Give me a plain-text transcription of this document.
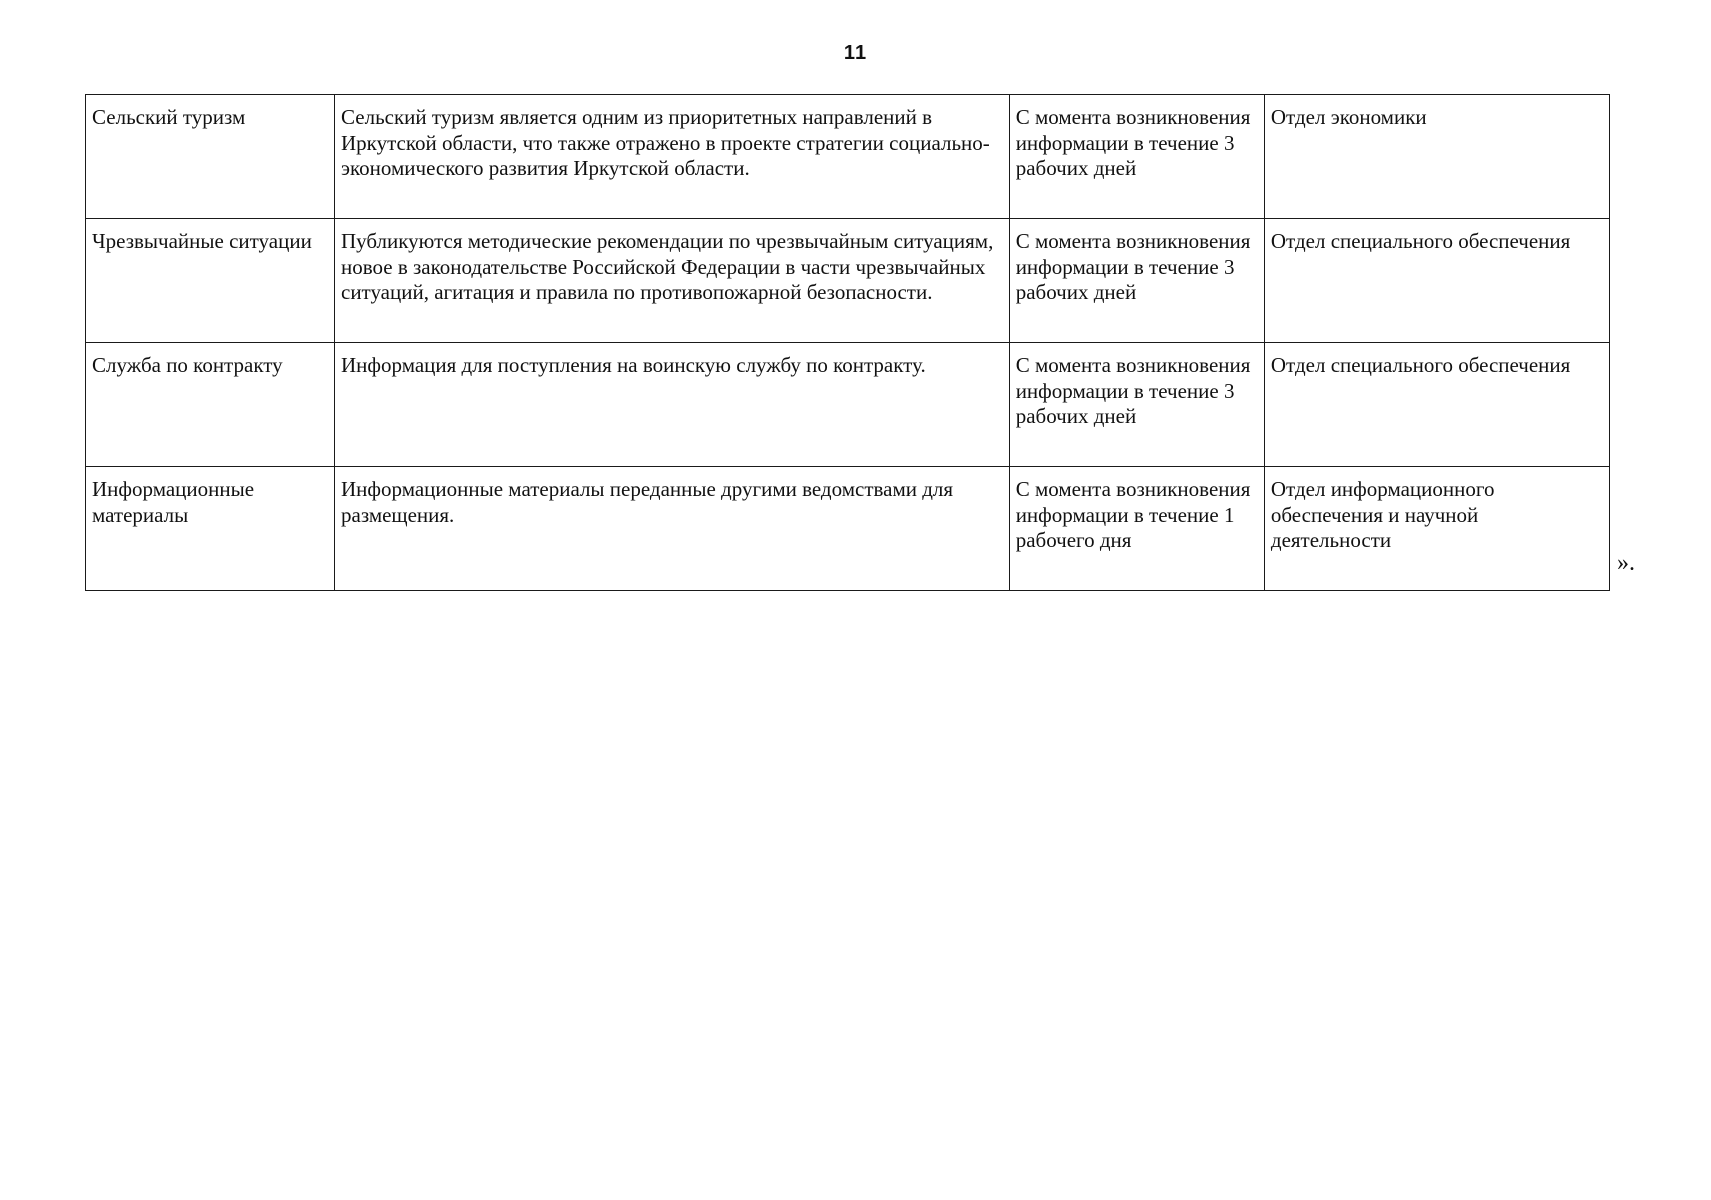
11
Сельский туризм	Сельский туризм является одним из приоритетных направлений в Иркутской области, что также отражено в проекте стратегии социально-экономического развития Иркутской области.	С момента возникновения информации в течение 3 рабочих дней	Отдел экономики
Чрезвычайные ситуации	Публикуются методические рекомендации по чрезвычайным ситуациям, новое в законодательстве Российской Федерации в части чрезвычайных ситуаций, агитация и правила по противопожарной безопасности.	С момента возникновения информации в течение 3 рабочих дней	Отдел специального обеспечения
Служба по контракту	Информация для поступления на воинскую службу по контракту.	С момента возникновения информации в течение 3 рабочих дней	Отдел специального обеспечения
Информационные материалы	Информационные материалы переданные другими ведомствами для размещения.	С момента возникновения информации в течение 1 рабочего дня	Отдел информационного обеспечения и научной деятельности
».
